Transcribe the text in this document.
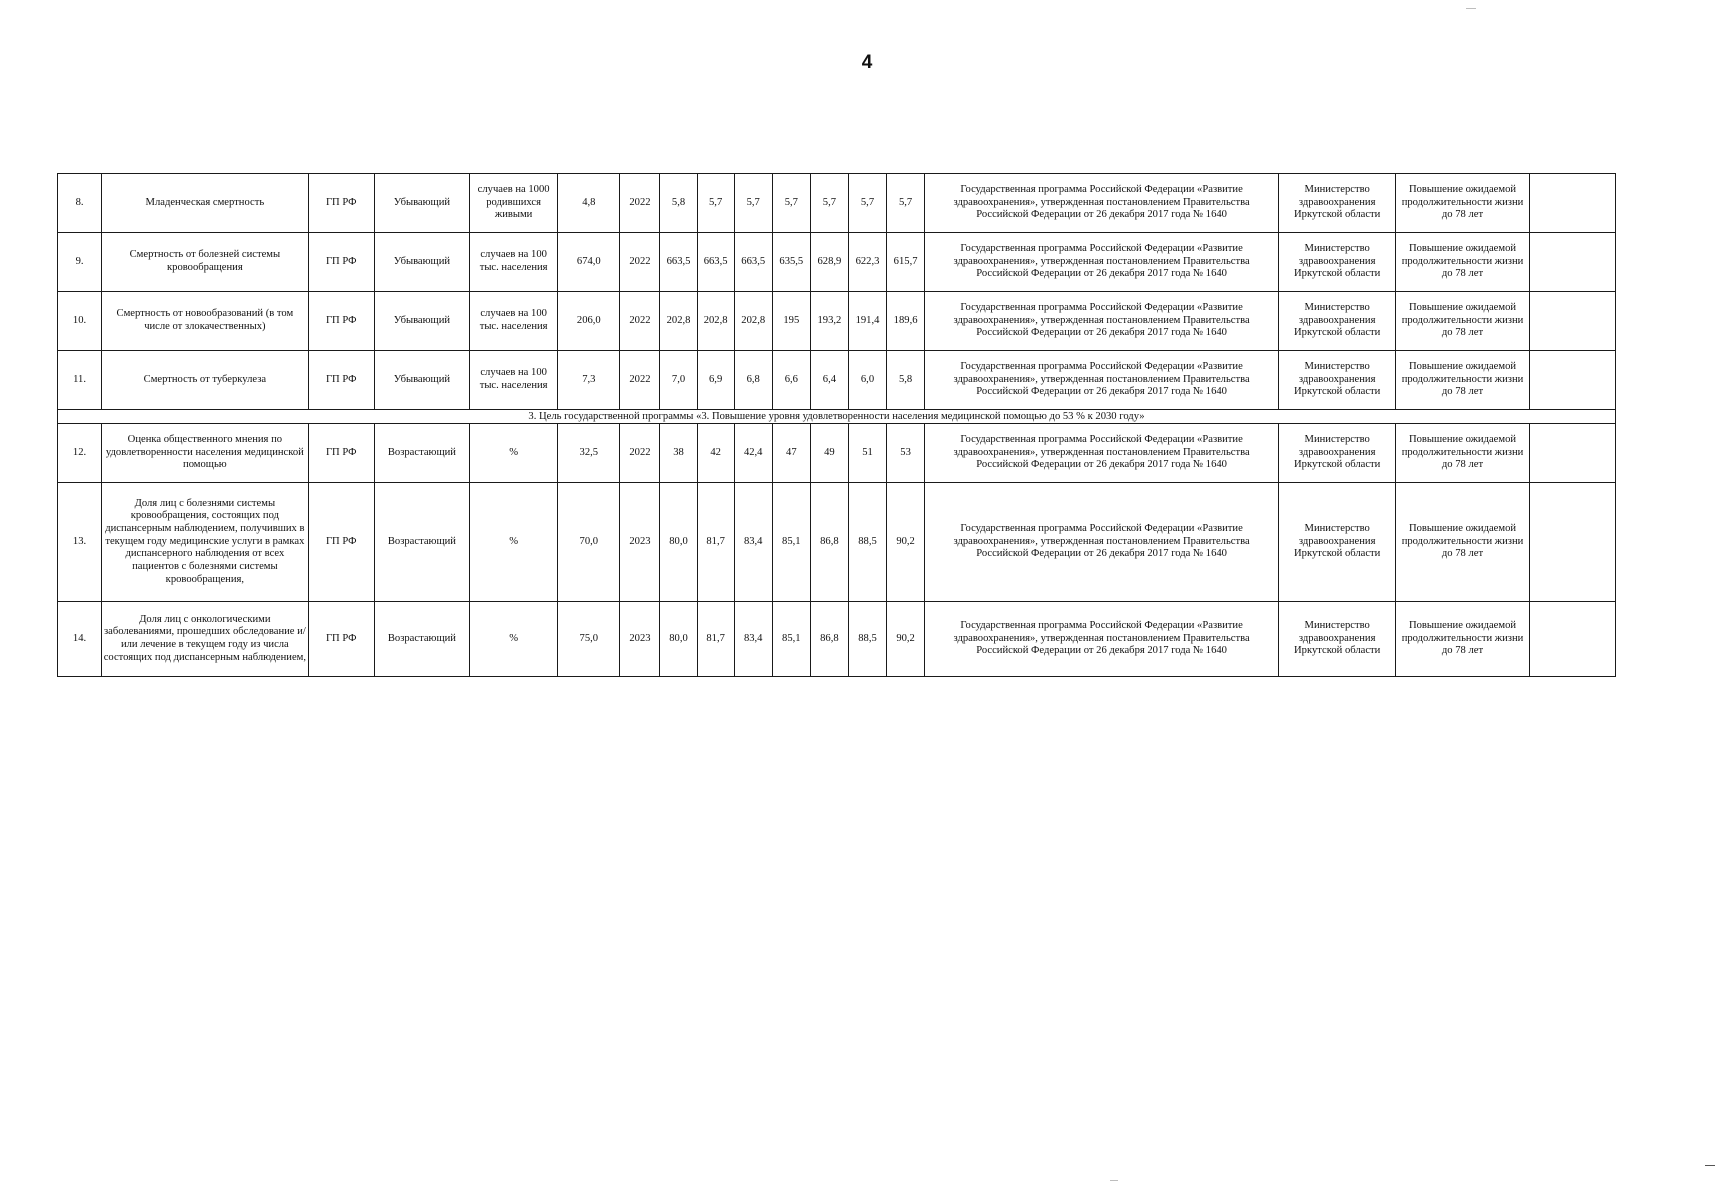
4
8.	Младенческая смертность	ГП РФ	Убывающий	случаев на 1000 родившихся живыми	4,8	2022	5,8	5,7	5,7	5,7	5,7	5,7	5,7	Государственная программа Российской Федерации «Развитие здравоохранения», утвержденная постановлением Правительства Российской Федерации от 26 декабря 2017 года № 1640	Министерство здравоохранения Иркутской области	Повышение ожидаемой продолжительности жизни до 78 лет	
9.	Смертность от болезней системы кровообращения	ГП РФ	Убывающий	случаев на 100 тыс. населения	674,0	2022	663,5	663,5	663,5	635,5	628,9	622,3	615,7	Государственная программа Российской Федерации «Развитие здравоохранения», утвержденная постановлением Правительства Российской Федерации от 26 декабря 2017 года № 1640	Министерство здравоохранения Иркутской области	Повышение ожидаемой продолжительности жизни до 78 лет	
10.	Смертность от новообразований (в том числе от злокачественных)	ГП РФ	Убывающий	случаев на 100 тыс. населения	206,0	2022	202,8	202,8	202,8	195	193,2	191,4	189,6	Государственная программа Российской Федерации «Развитие здравоохранения», утвержденная постановлением Правительства Российской Федерации от 26 декабря 2017 года № 1640	Министерство здравоохранения Иркутской области	Повышение ожидаемой продолжительности жизни до 78 лет	
11.	Смертность от туберкулеза	ГП РФ	Убывающий	случаев на 100 тыс. населения	7,3	2022	7,0	6,9	6,8	6,6	6,4	6,0	5,8	Государственная программа Российской Федерации «Развитие здравоохранения», утвержденная постановлением Правительства Российской Федерации от 26 декабря 2017 года № 1640	Министерство здравоохранения Иркутской области	Повышение ожидаемой продолжительности жизни до 78 лет	
3. Цель государственной программы «3. Повышение уровня удовлетворенности населения медицинской помощью до 53 % к 2030 году»																	
12.	Оценка общественного мнения по удовлетворенности населения медицинской помощью	ГП РФ	Возрастающий	%	32,5	2022	38	42	42,4	47	49	51	53	Государственная программа Российской Федерации «Развитие здравоохранения», утвержденная постановлением Правительства Российской Федерации от 26 декабря 2017 года № 1640	Министерство здравоохранения Иркутской области	Повышение ожидаемой продолжительности жизни до 78 лет	
13.	Доля лиц с болезнями системы кровообращения, состоящих под диспансерным наблюдением, получивших в текущем году медицинские услуги в рамках диспансерного наблюдения от всех пациентов с болезнями системы кровообращения,	ГП РФ	Возрастающий	%	70,0	2023	80,0	81,7	83,4	85,1	86,8	88,5	90,2	Государственная программа Российской Федерации «Развитие здравоохранения», утвержденная постановлением Правительства Российской Федерации от 26 декабря 2017 года № 1640	Министерство здравоохранения Иркутской области	Повышение ожидаемой продолжительности жизни до 78 лет	
14.	Доля лиц с онкологическими заболеваниями, прошедших обследование и/или лечение в текущем году из числа состоящих под диспансерным наблюдением,	ГП РФ	Возрастающий	%	75,0	2023	80,0	81,7	83,4	85,1	86,8	88,5	90,2	Государственная программа Российской Федерации «Развитие здравоохранения», утвержденная постановлением Правительства Российской Федерации от 26 декабря 2017 года № 1640	Министерство здравоохранения Иркутской области	Повышение ожидаемой продолжительности жизни до 78 лет	
